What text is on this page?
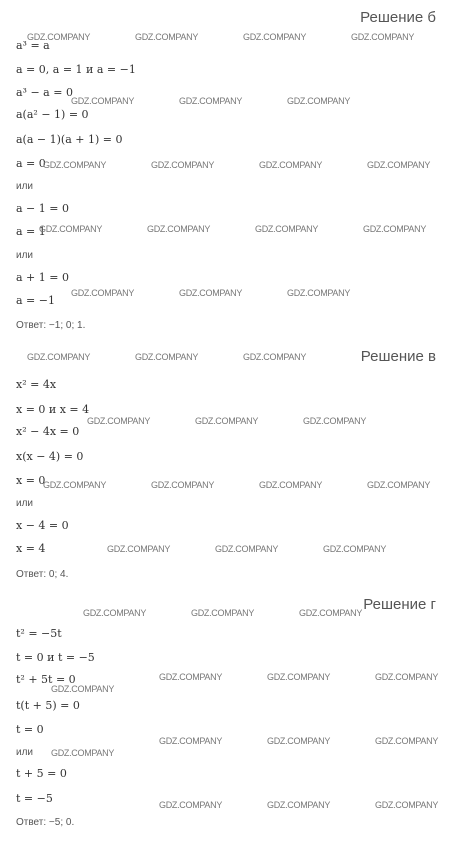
Решение б
a³ = a
a = 0, a = 1 и a = −1
a³ − a = 0
a(a² − 1) = 0
a(a − 1)(a + 1) = 0
a = 0
или
a − 1 = 0
a = 1
или
a + 1 = 0
a = −1
Ответ: −1; 0; 1.
Решение в
x² = 4x
x = 0 и x = 4
x² − 4x = 0
x(x − 4) = 0
x = 0
или
x − 4 = 0
x = 4
Ответ: 0; 4.
Решение г
t² = −5t
t = 0 и t = −5
t² + 5t = 0
t(t + 5) = 0
t = 0
или
t + 5 = 0
t = −5
Ответ: −5; 0.
GDZ.COMPANY	GDZ.COMPANY	GDZ.COMPANY	GDZ.COMPANY
GDZ.COMPANY	GDZ.COMPANY	GDZ.COMPANY
GDZ.COMPANY	GDZ.COMPANY	GDZ.COMPANY	GDZ.COMPANY
GDZ.COMPANY	GDZ.COMPANY	GDZ.COMPANY	GDZ.COMPANY
GDZ.COMPANY	GDZ.COMPANY	GDZ.COMPANY
GDZ.COMPANY	GDZ.COMPANY	GDZ.COMPANY
GDZ.COMPANY	GDZ.COMPANY	GDZ.COMPANY
GDZ.COMPANY	GDZ.COMPANY	GDZ.COMPANY	GDZ.COMPANY
GDZ.COMPANY	GDZ.COMPANY	GDZ.COMPANY
GDZ.COMPANY	GDZ.COMPANY	GDZ.COMPANY
GDZ.COMPANY
GDZ.COMPANY	GDZ.COMPANY	GDZ.COMPANY
GDZ.COMPANY	GDZ.COMPANY	GDZ.COMPANY
GDZ.COMPANY
GDZ.COMPANY	GDZ.COMPANY	GDZ.COMPANY
